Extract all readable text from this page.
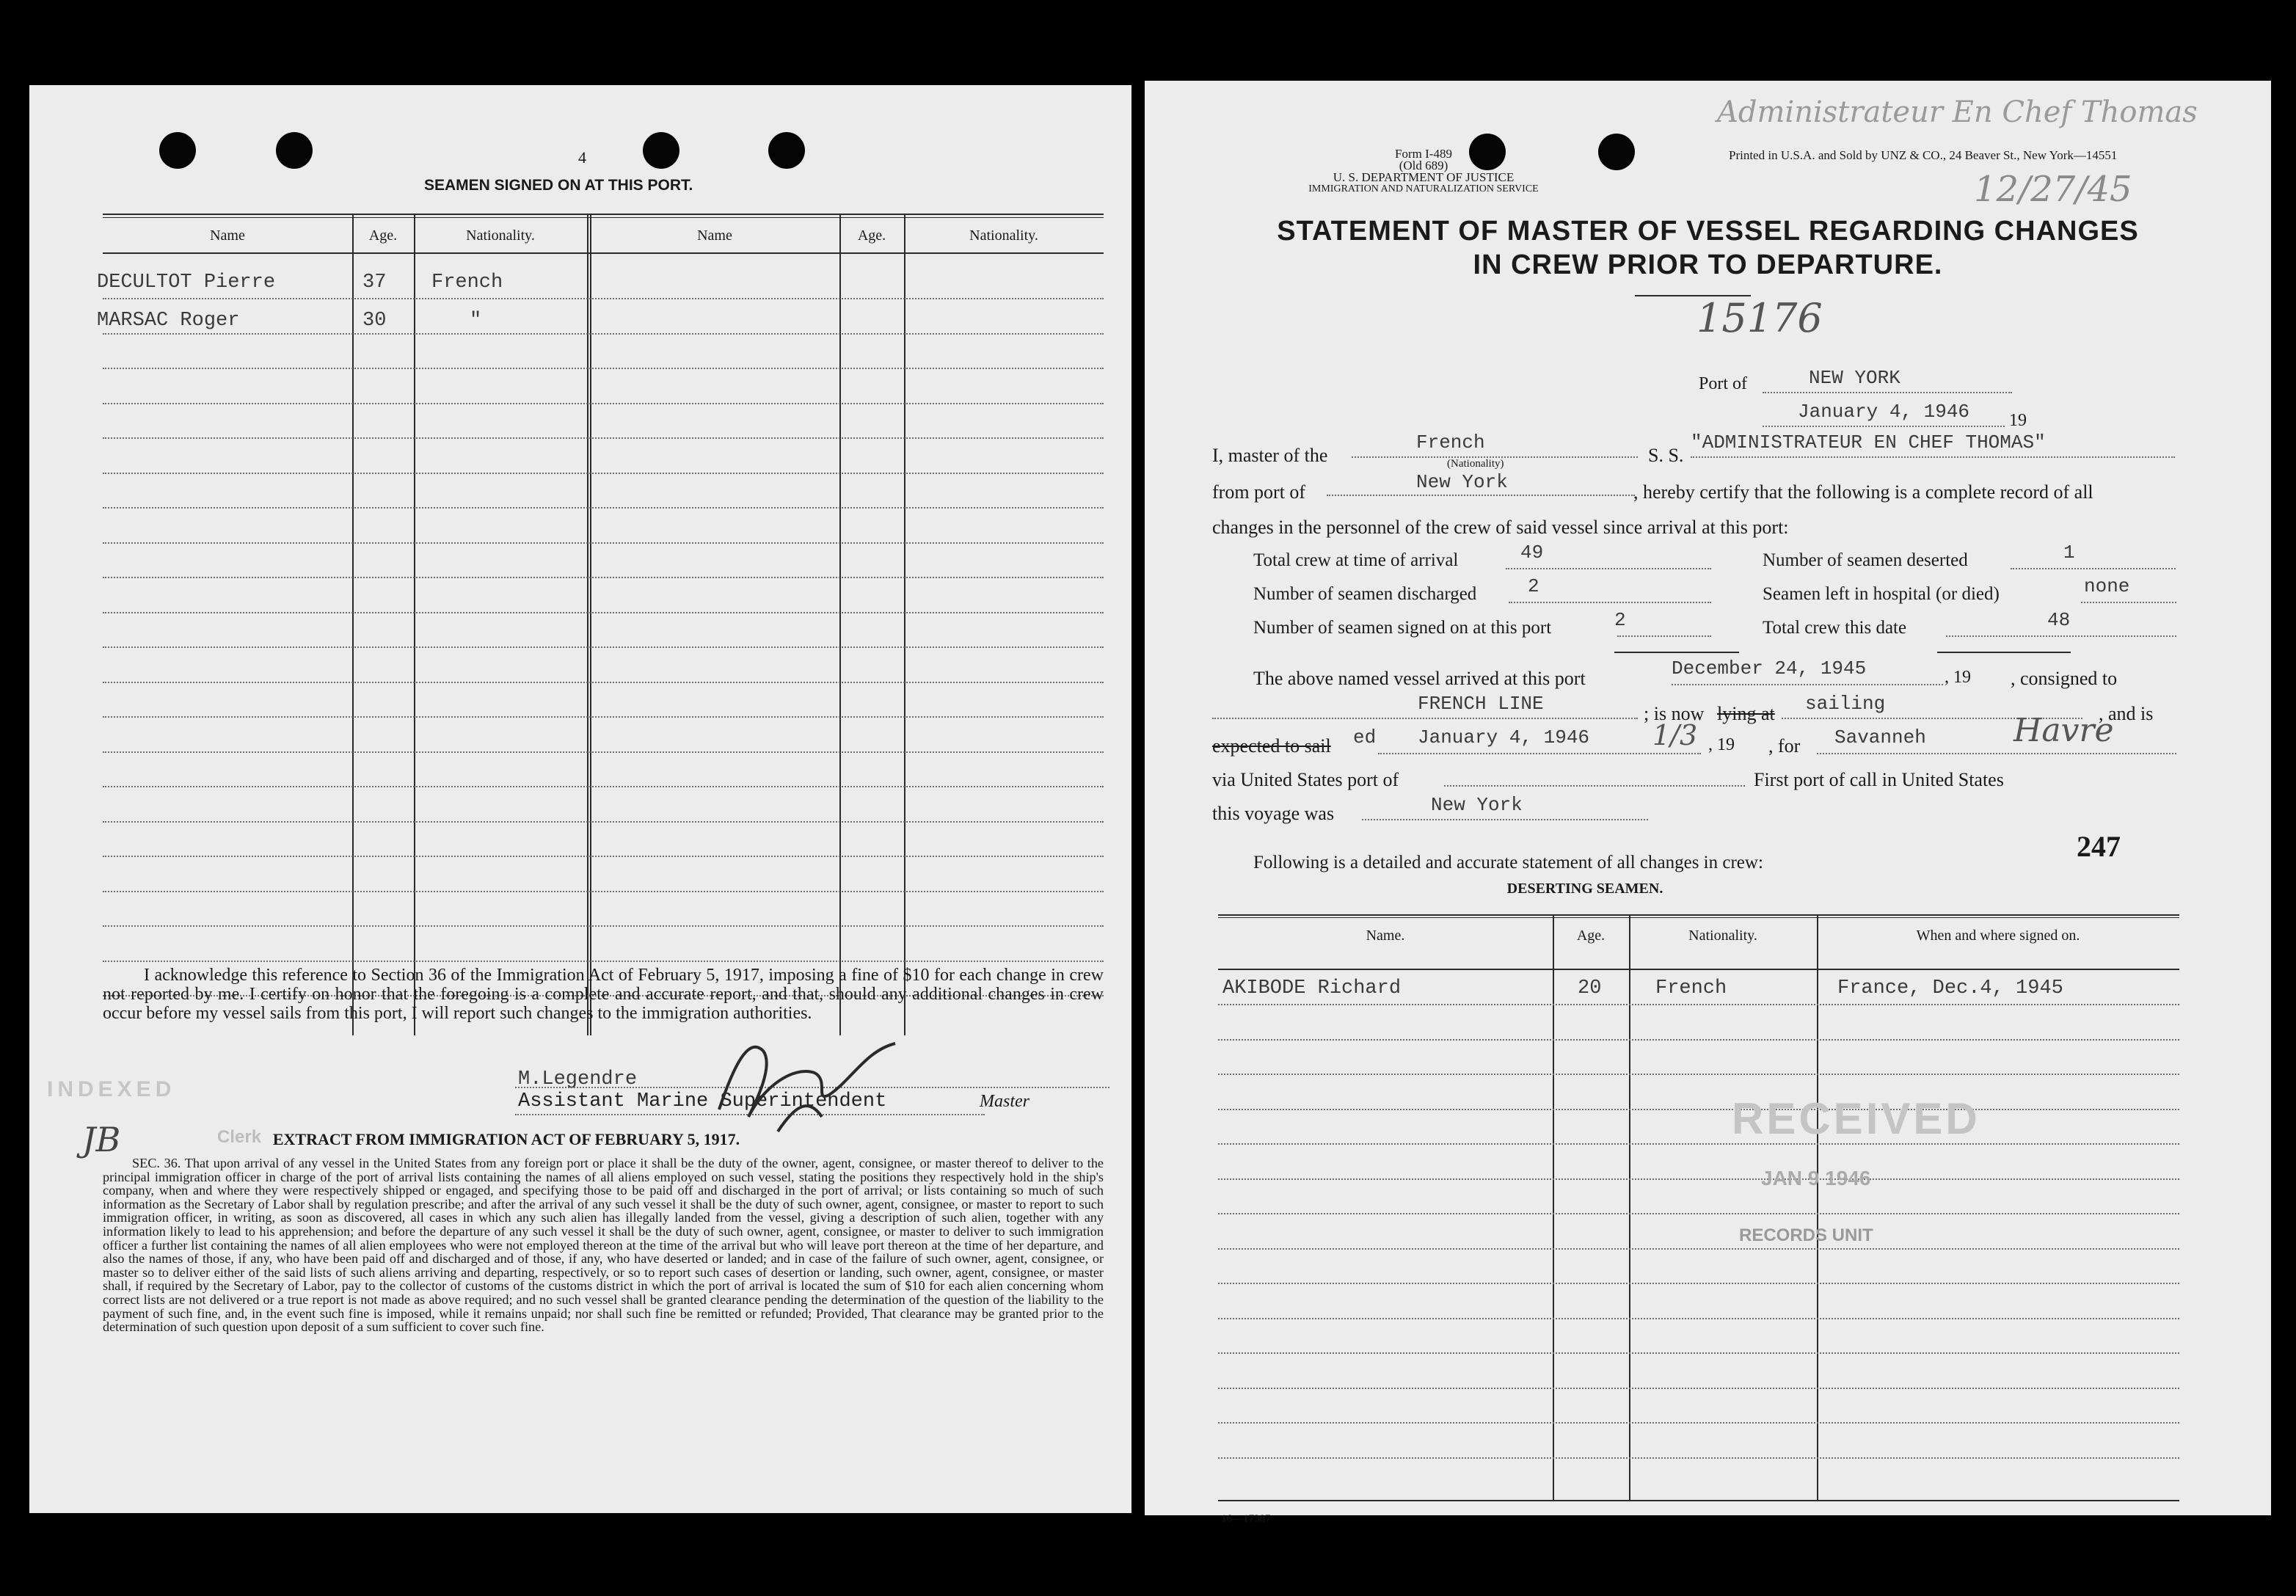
4
SEAMEN SIGNED ON AT THIS PORT.
Name	Age.	Nationality.	Name	Age.	Nationality.
DECULTOT Pierre	37 French
MARSAC Roger	30	"
I acknowledge this reference to Section 36 of the Immigration Act of February 5, 1917, imposing a fine of $10 for each change in crew not reported by me. I certify on honor that the foregoing is a complete and accurate report, and that, should any additional changes in crew occur before my vessel sails from this port, I will report such changes to the immigration authorities.
M.Legendre
Assistant Marine Superintendent	Master
INDEXED
JB	Clerk EXTRACT FROM IMMIGRATION ACT OF FEBRUARY 5, 1917.
SEC. 36. That upon arrival of any vessel in the United States from any foreign port or place it shall be the duty of the owner, agent, consignee, or master thereof to deliver to the principal immigration officer in charge of the port of arrival lists containing the names of all aliens employed on such vessel, stating the positions they respectively hold in the ship's company, when and where they were respectively shipped or engaged, and specifying those to be paid off and discharged in the port of arrival; or lists containing so much of such information as the Secretary of Labor shall by regulation prescribe; and after the arrival of any such vessel it shall be the duty of such owner, agent, consignee, or master to report to such immigration officer, in writing, as soon as discovered, all cases in which any such alien has illegally landed from the vessel, giving a description of such alien, together with any information likely to lead to his apprehension; and before the departure of any such vessel it shall be the duty of such owner, agent, consignee, or master to deliver to such immigration officer a further list containing the names of all alien employees who were not employed thereon at the time of the arrival but who will leave port thereon at the time of her departure, and also the names of those, if any, who have been paid off and discharged and of those, if any, who have deserted or landed; and in case of the failure of such owner, agent, consignee, or master so to deliver either of the said lists of such aliens arriving and departing, respectively, or so to report such cases of desertion or landing, such owner, agent, consignee, or master shall, if required by the Secretary of Labor, pay to the collector of customs of the customs district in which the port of arrival is located the sum of $10 for each alien concerning whom correct lists are not delivered or a true report is not made as above required; and no such vessel shall be granted clearance pending the determination of the question of the liability to the payment of such fine, and, in the event such fine is imposed, while it remains unpaid; nor shall such fine be remitted or refunded; Provided, That clearance may be granted prior to the determination of such question upon deposit of a sum sufficient to cover such fine.
Form I-489
(Old 689)
U. S. DEPARTMENT OF JUSTICE
IMMIGRATION AND NATURALIZATION SERVICE
Printed in U.S.A. and Sold by UNZ & CO., 24 Beaver St., New York—14551
Administrateur En Chef Thomas
12/27/45
STATEMENT OF MASTER OF VESSEL REGARDING CHANGES
IN CREW PRIOR TO DEPARTURE.
15176
Port of	NEW YORK
January 4, 1946 19
I, master of the
French
(Nationality)	S. S.
"ADMINISTRATEUR EN CHEF THOMAS"
from port of	New York	, hereby certify that the following is a complete record of all
changes in the personnel of the crew of said vessel since arrival at this port:
Total crew at time of arrival	49
Number of seamen discharged	2
Number of seamen signed on at this port	2
Number of seamen deserted	1
Seamen left in hospital (or died)	none
Total crew this date	48
The above named vessel arrived at this port	December 24, 1945	, 19 , consigned to
FRENCH LINE	; is now lying at sailing	, and is
expected to sail ed January 4, 1946 1/3 , 19 , for Savanneh	Havre
via United States port of	First port of call in United States
this voyage was	New York
247
Following is a detailed and accurate statement of all changes in crew:
DESERTING SEAMEN.
Name.	Age.	Nationality.	When and where signed on.
AKIBODE Richard	20	French	France, Dec.4, 1945
RECEIVED
JAN 9 1946
RECORDS UNIT
16—17387
